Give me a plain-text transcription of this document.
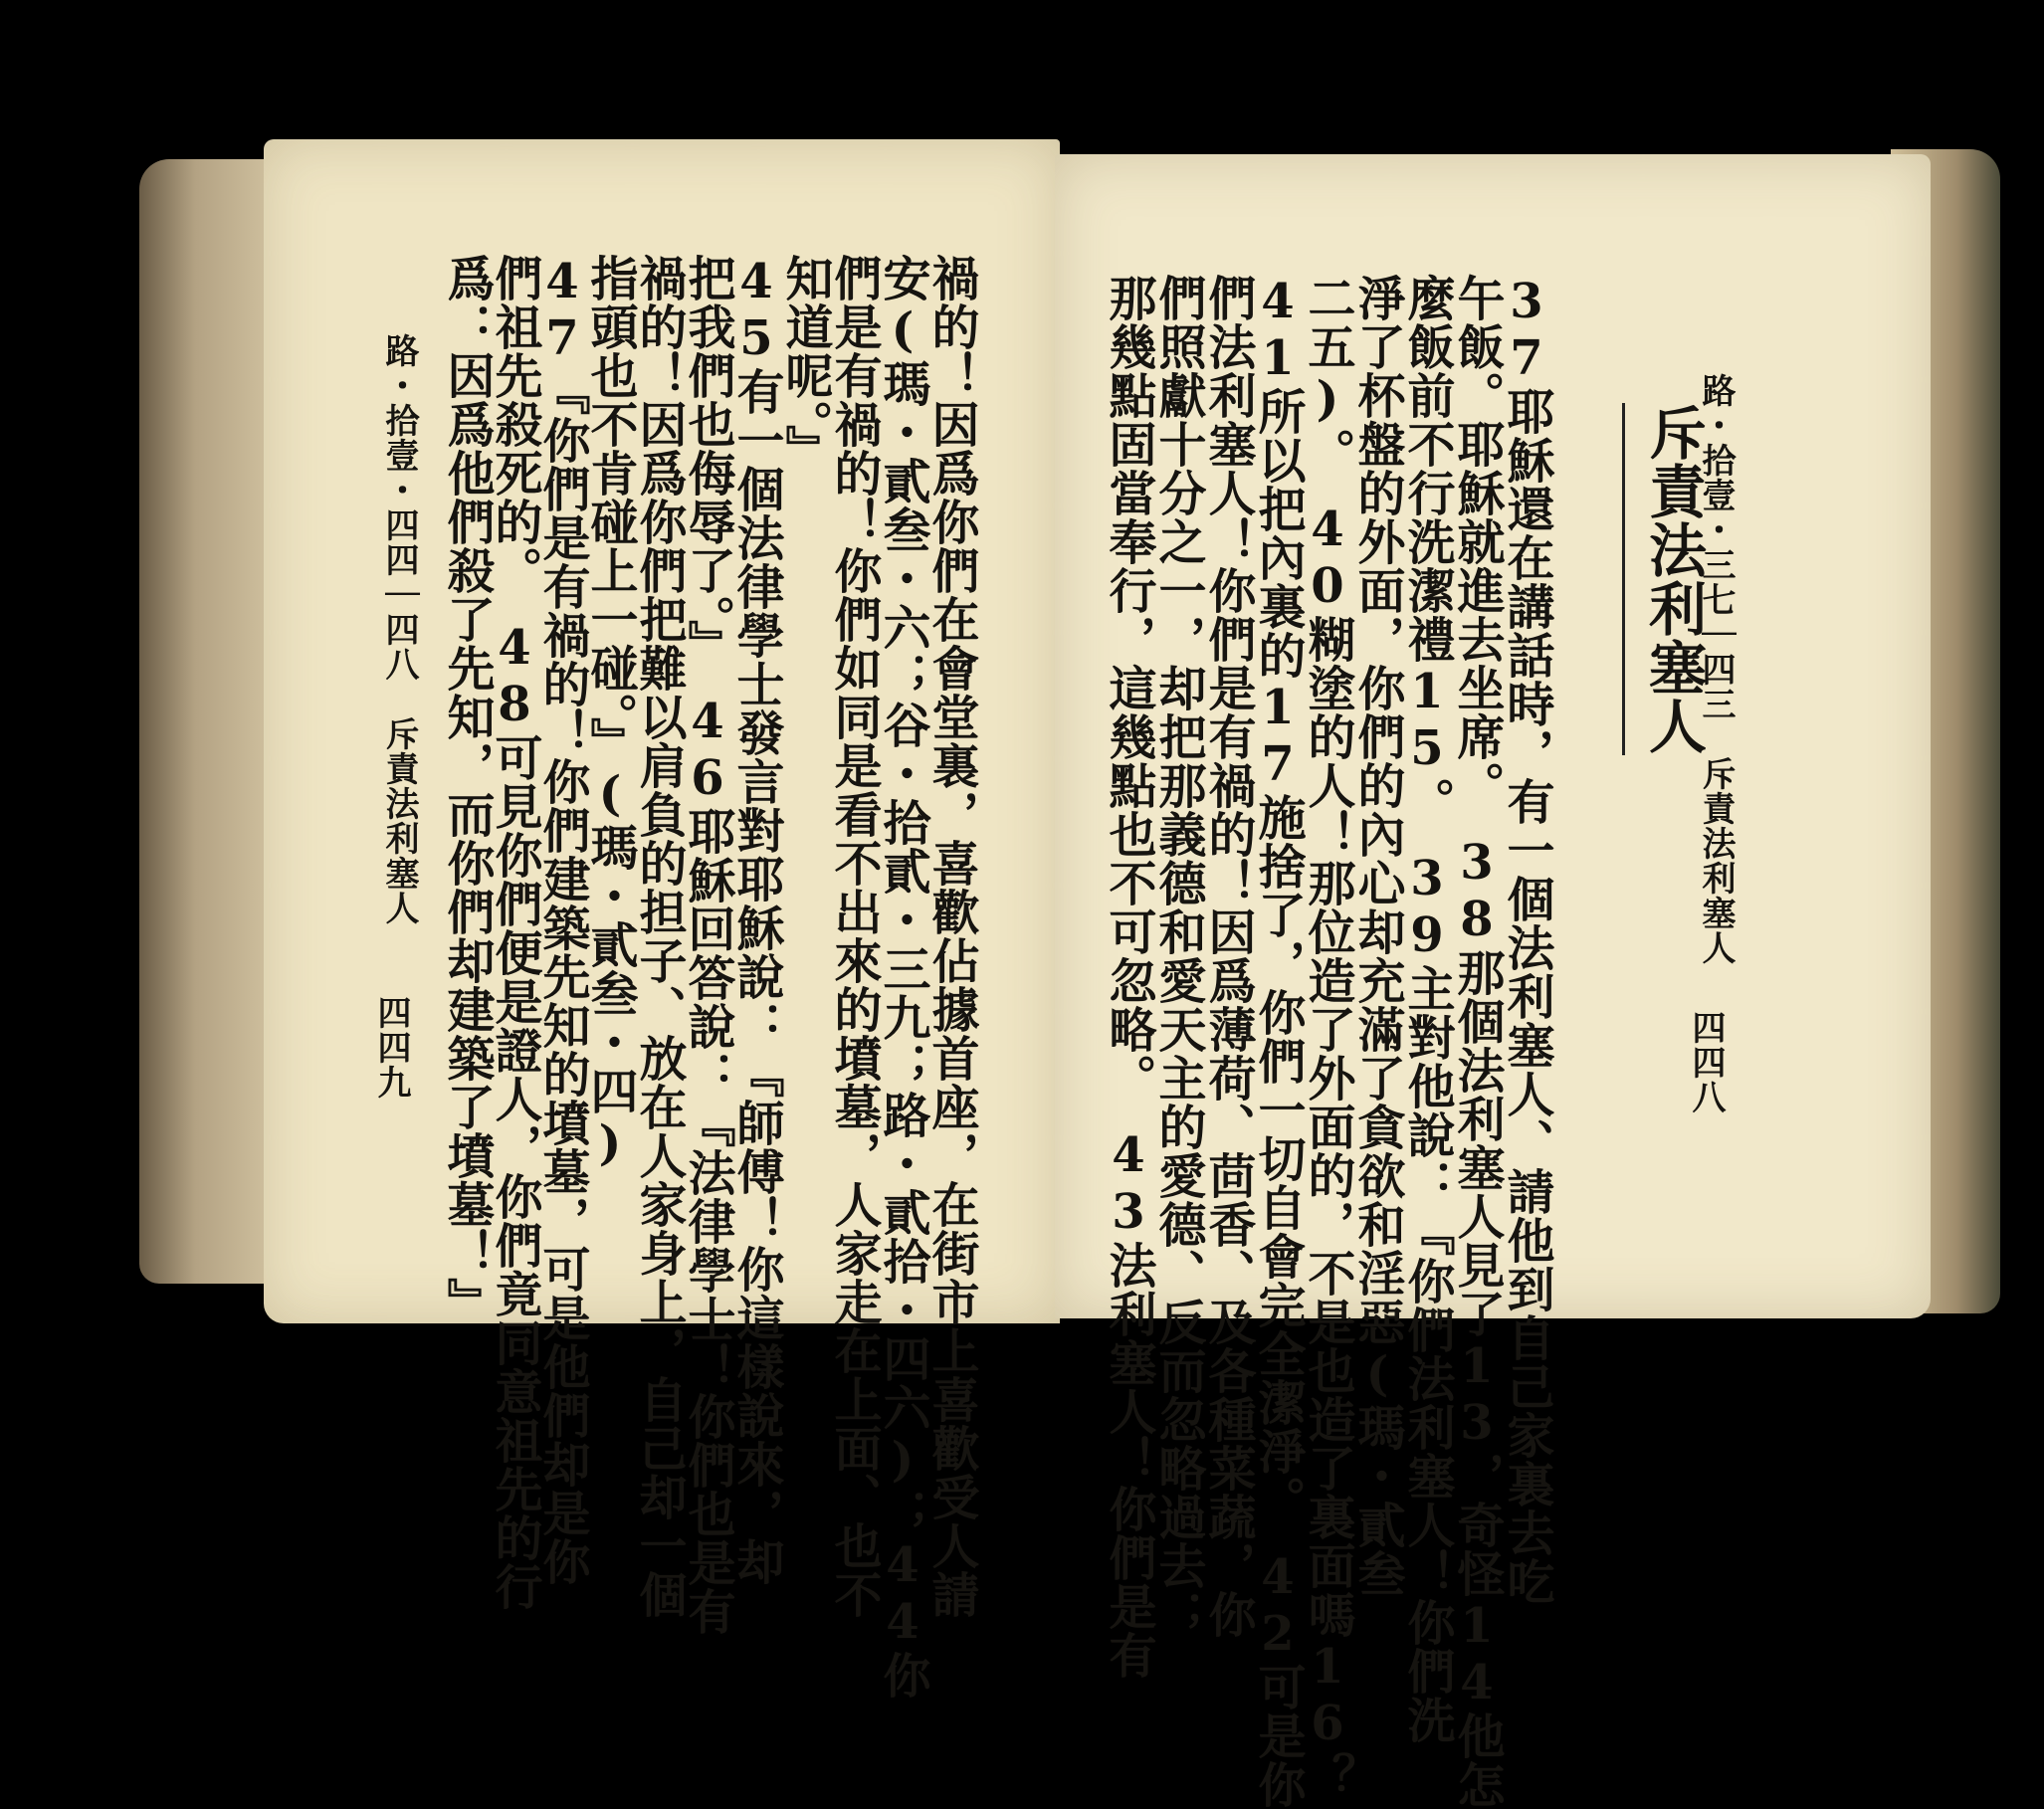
四四九
路・拾壹・四四｜四八　斥責法利塞人 爲：因爲他們殺了先知，而你們却建築了墳墓！』
們祖先殺死的。　48可見你們便是證人，你們竟同意祖先的行
47『你們是有禍的！你們建築先知的墳墓，可是他們却是你
指頭也不肯碰上一碰。』(瑪・貳叁・四)
禍的！因爲你們把難以肩負的担子、放在人家身上，自己却一個
把我們也侮辱了。』　46耶穌回答說：『法律學士！你們也是有
45有一個法律學士發言對耶穌說：『師傅！你這樣說來，却
知道呢。』
們是有禍的！你們如同是看不出來的墳墓，人家走在上面、也不
安(瑪・貳叁・六；谷・拾貳・三九；路・貳拾・四六)；44你
禍的！因爲你們在會堂裏，喜歡佔據首座，在街市上喜歡受人請	四四八
路・拾壹・三七｜四三　斥責法利塞人
斥責法利塞人
那幾點固當奉行，這幾點也不可忽略。　43法利塞人！你們是有
們照獻十分之一，却把那義德和愛天主的愛德、反而忽略過去；
們法利塞人！你們是有禍的！因爲薄荷、茴香、及各種菜蔬，你
41所以把內裏的17施捨了，你們一切自會完全潔淨。　42可是你
二五)。　40糊塗的人！那位造了外面的，不是也造了裏面嗎16？
淨了杯盤的外面，你們的內心却充滿了貪欲和淫惡(瑪・貳叁
麼飯前不行洗潔禮15。　39主對他說：『你們法利塞人！你們洗
午飯。耶穌就進去坐席。　38那個法利塞人見了13，奇怪14他怎
37耶穌還在講話時，有一個法利塞人、請他到自己家裏去吃
